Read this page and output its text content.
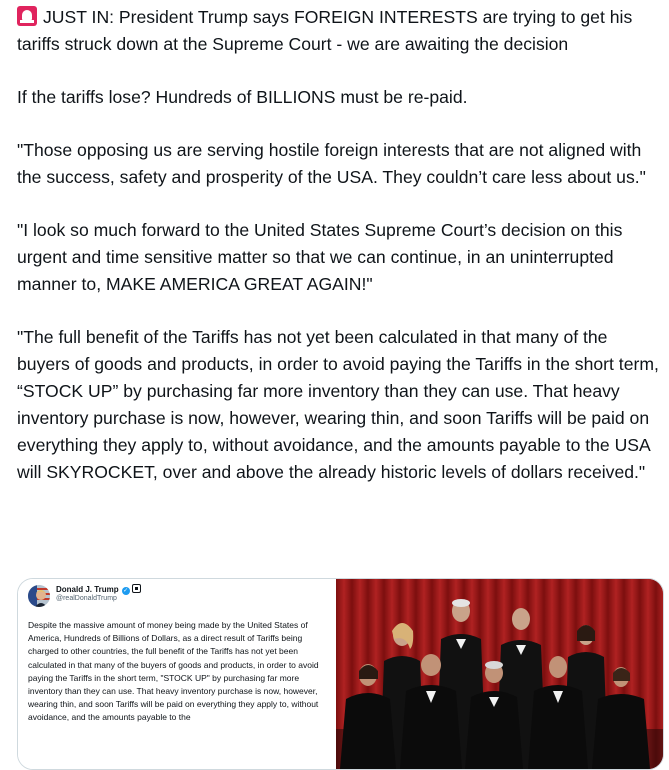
JUST IN: President Trump says FOREIGN INTERESTS are trying to get his tariffs struck down at the Supreme Court - we are awaiting the decision

If the tariffs lose? Hundreds of BILLIONS must be re-paid.

"Those opposing us are serving hostile foreign interests that are not aligned with the success, safety and prosperity of the USA. They couldn’t care less about us."

"I look so much forward to the United States Supreme Court’s decision on this urgent and time sensitive matter so that we can continue, in an uninterrupted manner to, MAKE AMERICA GREAT AGAIN!"

"The full benefit of the Tariffs has not yet been calculated in that many of the buyers of goods and products, in order to avoid paying the Tariffs in the short term, “STOCK UP” by purchasing far more inventory than they can use. That heavy inventory purchase is now, however, wearing thin, and soon Tariffs will be paid on everything they apply to, without avoidance, and the amounts payable to the USA will SKYROCKET, over and above the already historic levels of dollars received."

Donald J. Trump ✓
@realDonaldTrump
Despite the massive amount of money being made by the United States of America, Hundreds of Billions of Dollars, as a direct result of Tariffs being charged to other countries, the full benefit of the Tariffs has not yet been calculated in that many of the buyers of goods and products, in order to avoid paying the Tariffs in the short term, "STOCK UP" by purchasing far more inventory than they can use. That heavy inventory purchase is now, however, wearing thin, and soon Tariffs will be paid on everything they apply to, without avoidance, and the amounts payable to the
